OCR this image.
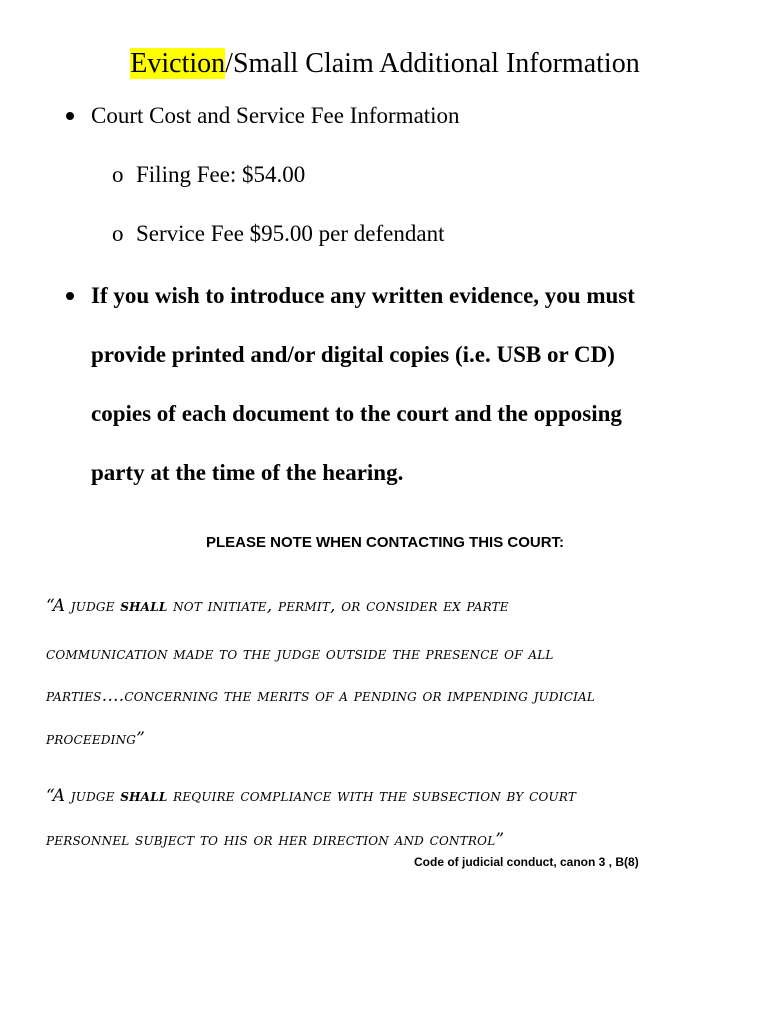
Eviction/Small Claim Additional Information
Court Cost and Service Fee Information
o Filing Fee: $54.00
o Service Fee $95.00 per defendant
If you wish to introduce any written evidence, you must
provide printed and/or digital copies (i.e. USB or CD)
copies of each document to the court and the opposing
party at the time of the hearing.
PLEASE NOTE WHEN CONTACTING THIS COURT:
“A judge shall not initiate, permit, or consider ex parte
communication made to the judge outside the presence of all
parties….concerning the merits of a pending or impending judicial
proceeding”
“A judge shall require compliance with the subsection by court
personnel subject to his or her direction and control”
Code of judicial conduct, canon 3 , B(8)
